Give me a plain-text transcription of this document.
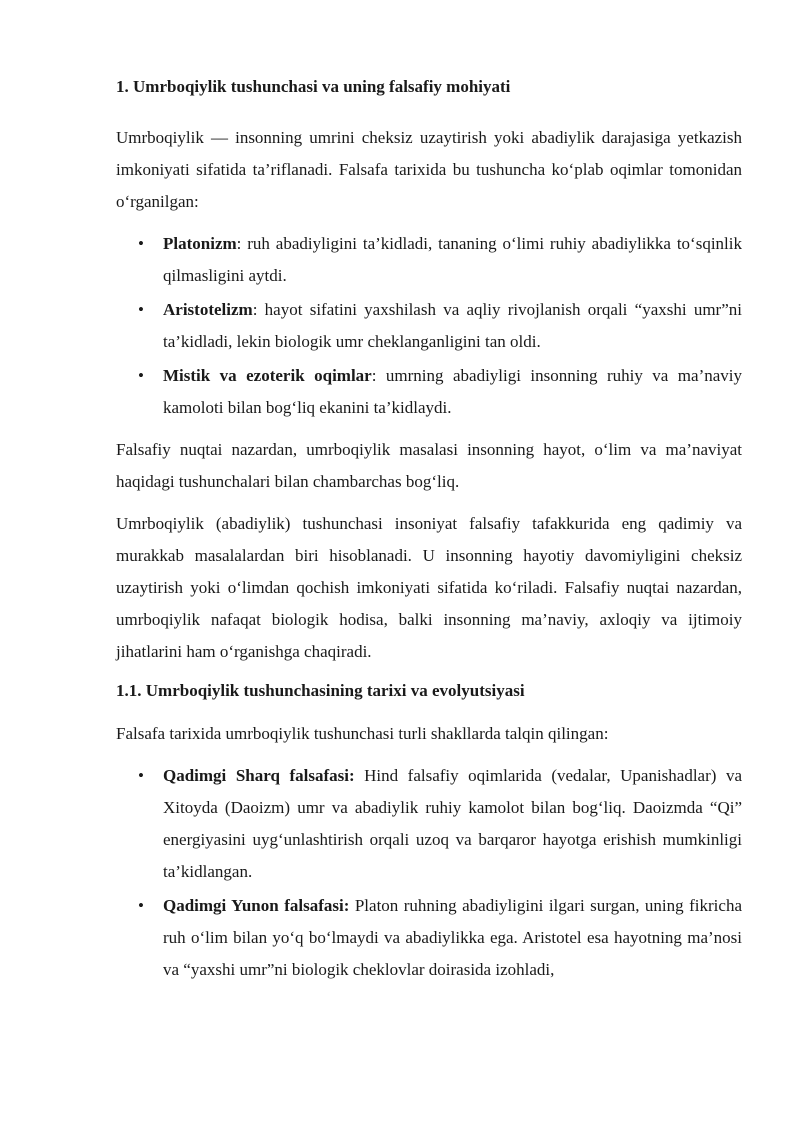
1. Umrboqiylik tushunchasi va uning falsafiy mohiyati

Umrboqiylik — insonning umrini cheksiz uzaytirish yoki abadiylik darajasiga yetkazish imkoniyati sifatida ta’riflanadi. Falsafa tarixida bu tushuncha ko‘plab oqimlar tomonidan o‘rganilgan:

• Platonizm: ruh abadiyligini ta’kidladi, tananing o‘limi ruhiy abadiylikka to‘sqinlik qilmasligini aytdi.
• Aristotelizm: hayot sifatini yaxshilash va aqliy rivojlanish orqali “yaxshi umr”ni ta’kidladi, lekin biologik umr cheklanganligini tan oldi.
• Mistik va ezoterik oqimlar: umrning abadiyligi insonning ruhiy va ma’naviy kamoloti bilan bog‘liq ekanini ta’kidlaydi.

Falsafiy nuqtai nazardan, umrboqiylik masalasi insonning hayot, o‘lim va ma’naviyat haqidagi tushunchalari bilan chambarchas bog‘liq.

Umrboqiylik (abadiylik) tushunchasi insoniyat falsafiy tafakkurida eng qadimiy va murakkab masalalardan biri hisoblanadi. U insonning hayotiy davomiyligini cheksiz uzaytirish yoki o‘limdan qochish imkoniyati sifatida ko‘riladi. Falsafiy nuqtai nazardan, umrboqiylik nafaqat biologik hodisa, balki insonning ma’naviy, axloqiy va ijtimoiy jihatlarini ham o‘rganishga chaqiradi.

1.1. Umrboqiylik tushunchasining tarixi va evolyutsiyasi

Falsafa tarixida umrboqiylik tushunchasi turli shakllarda talqin qilingan:

• Qadimgi Sharq falsafasi: Hind falsafiy oqimlarida (vedalar, Upanishadlar) va Xitoyda (Daoizm) umr va abadiylik ruhiy kamolot bilan bog‘liq. Daoizmda “Qi” energiyasini uyg‘unlashtirish orqali uzoq va barqaror hayotga erishish mumkinligi ta’kidlangan.
• Qadimgi Yunon falsafasi: Platon ruhning abadiyligini ilgari surgan, uning fikricha ruh o‘lim bilan yo‘q bo‘lmaydi va abadiylikka ega. Aristotel esa hayotning ma’nosi va “yaxshi umr”ni biologik cheklovlar doirasida izohladi,
